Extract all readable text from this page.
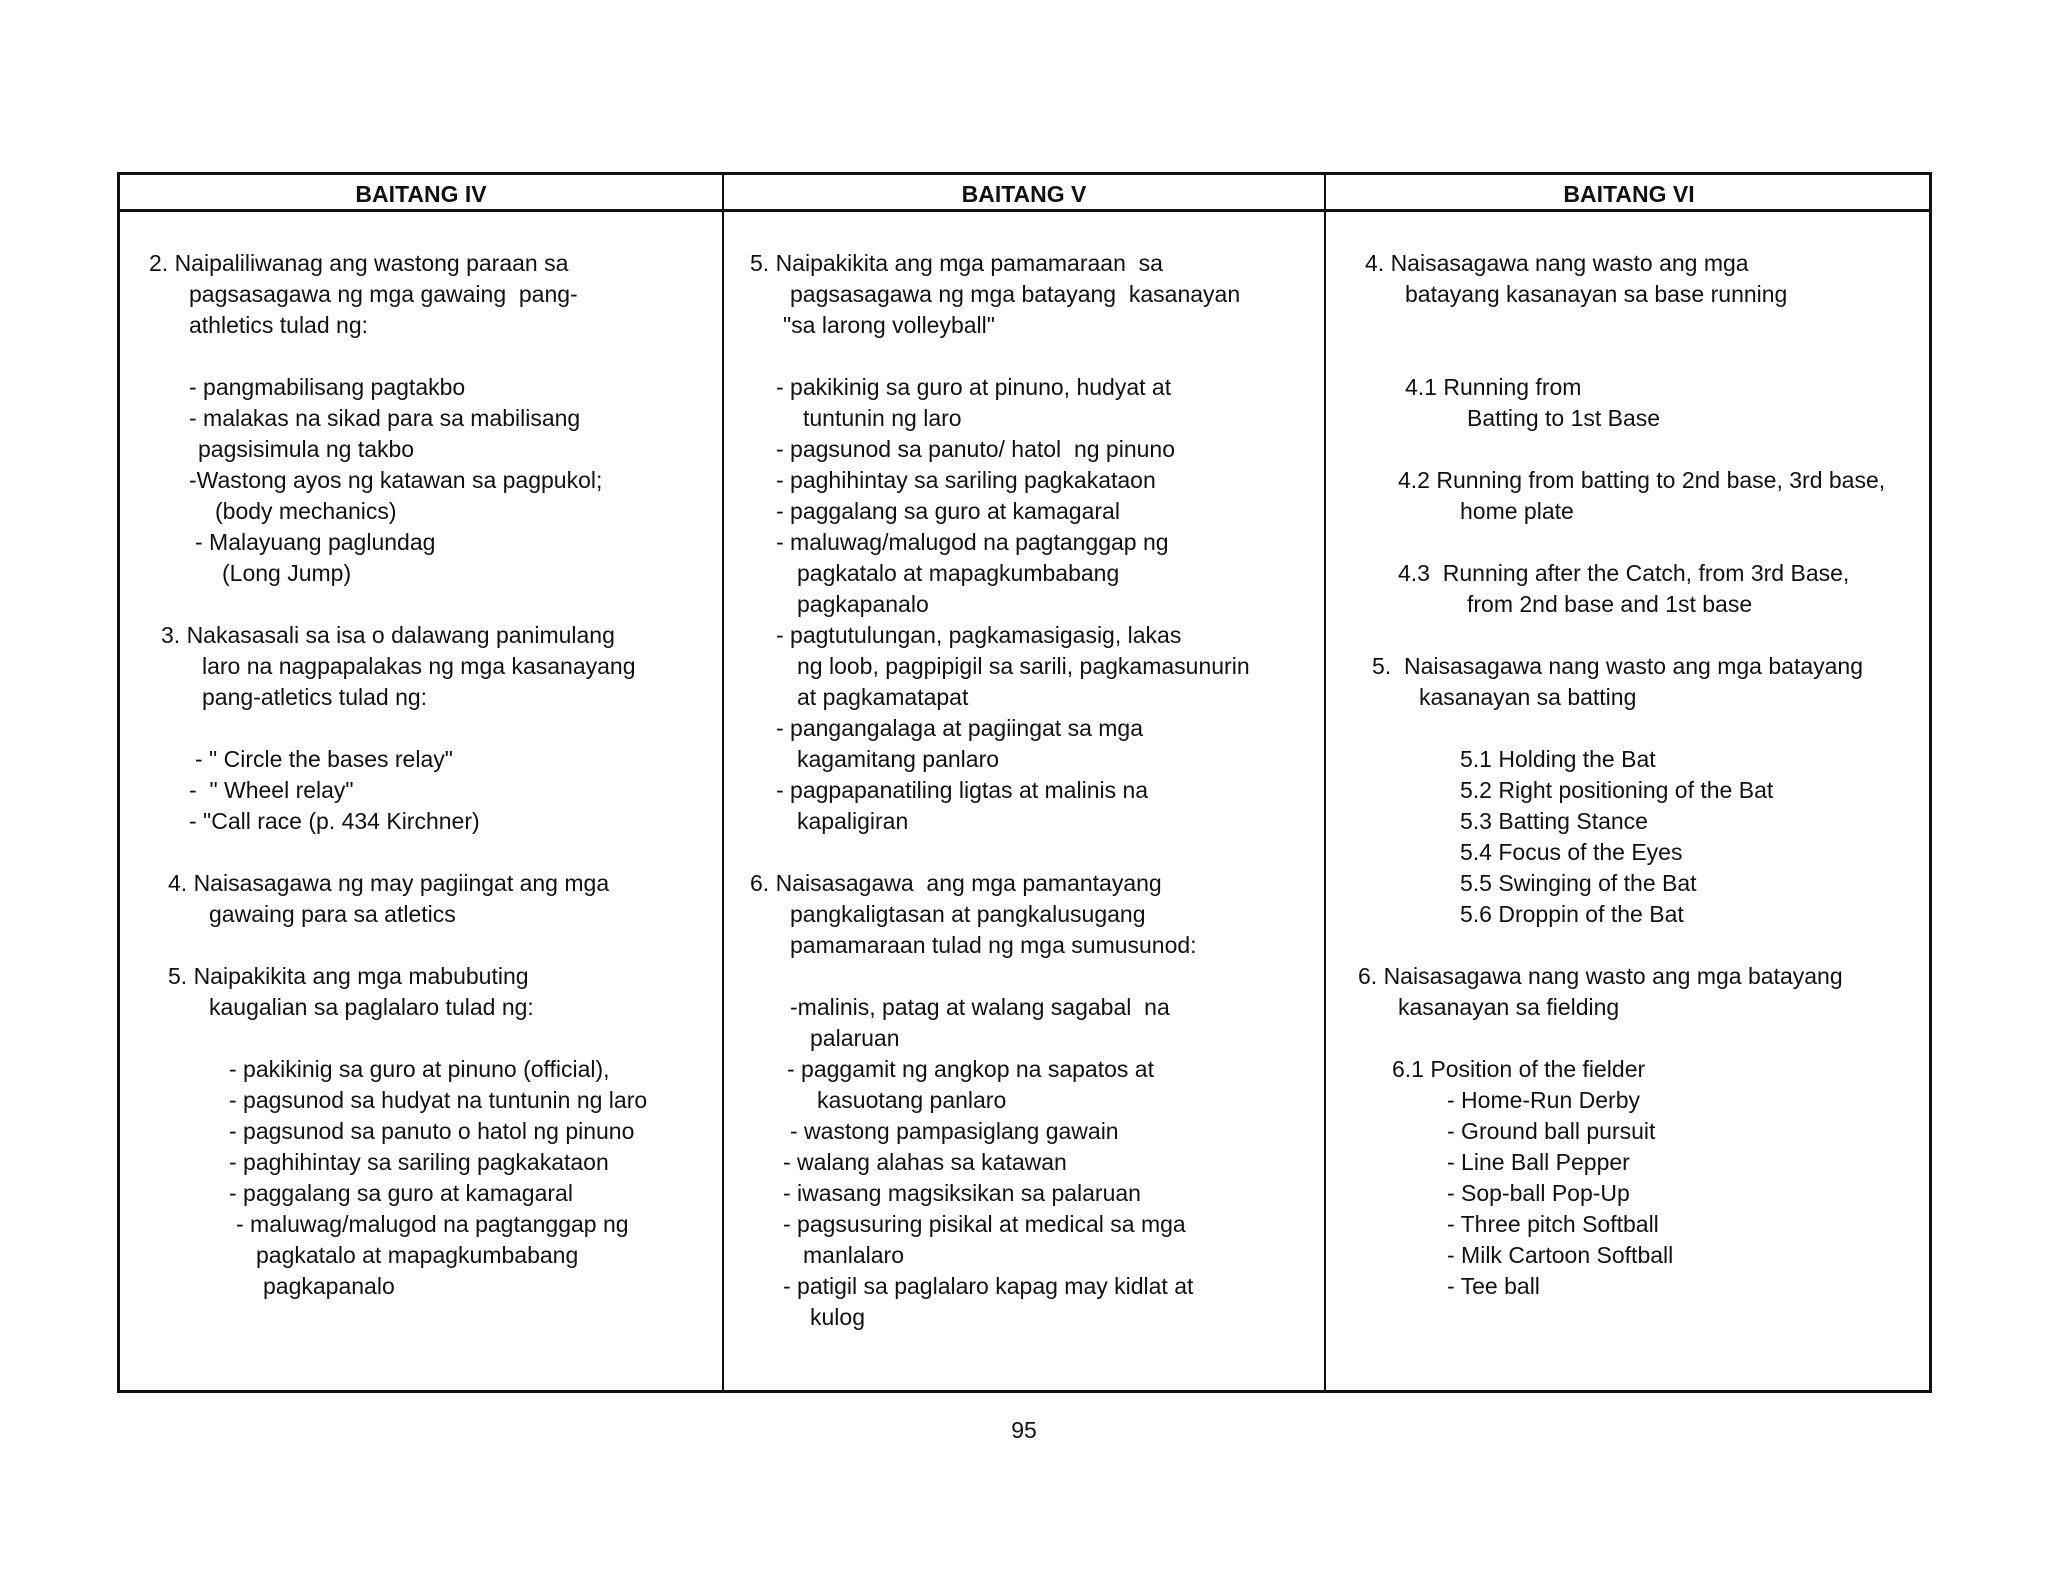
BAITANG IV	BAITANG V	BAITANG VI
2. Naipaliliwanag ang wastong paraan sa
pagsasagawa ng mga gawaing  pang-
athletics tulad ng:
- pangmabilisang pagtakbo
- malakas na sikad para sa mabilisang
pagsisimula ng takbo
-Wastong ayos ng katawan sa pagpukol;
(body mechanics)
- Malayuang paglundag
(Long Jump)
3. Nakasasali sa isa o dalawang panimulang
laro na nagpapalakas ng mga kasanayang
pang-atletics tulad ng:
- " Circle the bases relay"
-  " Wheel relay"
- "Call race (p. 434 Kirchner)
4. Naisasagawa ng may pagiingat ang mga
gawaing para sa atletics
5. Naipakikita ang mga mabubuting
kaugalian sa paglalaro tulad ng:
- pakikinig sa guro at pinuno (official),
- pagsunod sa hudyat na tuntunin ng laro
- pagsunod sa panuto o hatol ng pinuno
- paghihintay sa sariling pagkakataon
- paggalang sa guro at kamagaral
- maluwag/malugod na pagtanggap ng
pagkatalo at mapagkumbabang
pagkapanalo
5. Naipakikita ang mga pamamaraan  sa
pagsasagawa ng mga batayang  kasanayan
"sa larong volleyball"
- pakikinig sa guro at pinuno, hudyat at
tuntunin ng laro
- pagsunod sa panuto/ hatol  ng pinuno
- paghihintay sa sariling pagkakataon
- paggalang sa guro at kamagaral
- maluwag/malugod na pagtanggap ng
pagkatalo at mapagkumbabang
pagkapanalo
- pagtutulungan, pagkamasigasig, lakas
ng loob, pagpipigil sa sarili, pagkamasunurin
at pagkamatapat
- pangangalaga at pagiingat sa mga
kagamitang panlaro
- pagpapanatiling ligtas at malinis na
kapaligiran
6. Naisasagawa  ang mga pamantayang
pangkaligtasan at pangkalusugang
pamamaraan tulad ng mga sumusunod:
-malinis, patag at walang sagabal  na
palaruan
- paggamit ng angkop na sapatos at
kasuotang panlaro
- wastong pampasiglang gawain
- walang alahas sa katawan
- iwasang magsiksikan sa palaruan
- pagsusuring pisikal at medical sa mga
manlalaro
- patigil sa paglalaro kapag may kidlat at
kulog
4. Naisasagawa nang wasto ang mga
batayang kasanayan sa base running
4.1 Running from
Batting to 1st Base
4.2 Running from batting to 2nd base, 3rd base,
home plate
4.3  Running after the Catch, from 3rd Base,
from 2nd base and 1st base
5.  Naisasagawa nang wasto ang mga batayang
kasanayan sa batting
5.1 Holding the Bat
5.2 Right positioning of the Bat
5.3 Batting Stance
5.4 Focus of the Eyes
5.5 Swinging of the Bat
5.6 Droppin of the Bat
6. Naisasagawa nang wasto ang mga batayang
kasanayan sa fielding
6.1 Position of the fielder
- Home-Run Derby
- Ground ball pursuit
- Line Ball Pepper
- Sop-ball Pop-Up
- Three pitch Softball
- Milk Cartoon Softball
- Tee ball
95
